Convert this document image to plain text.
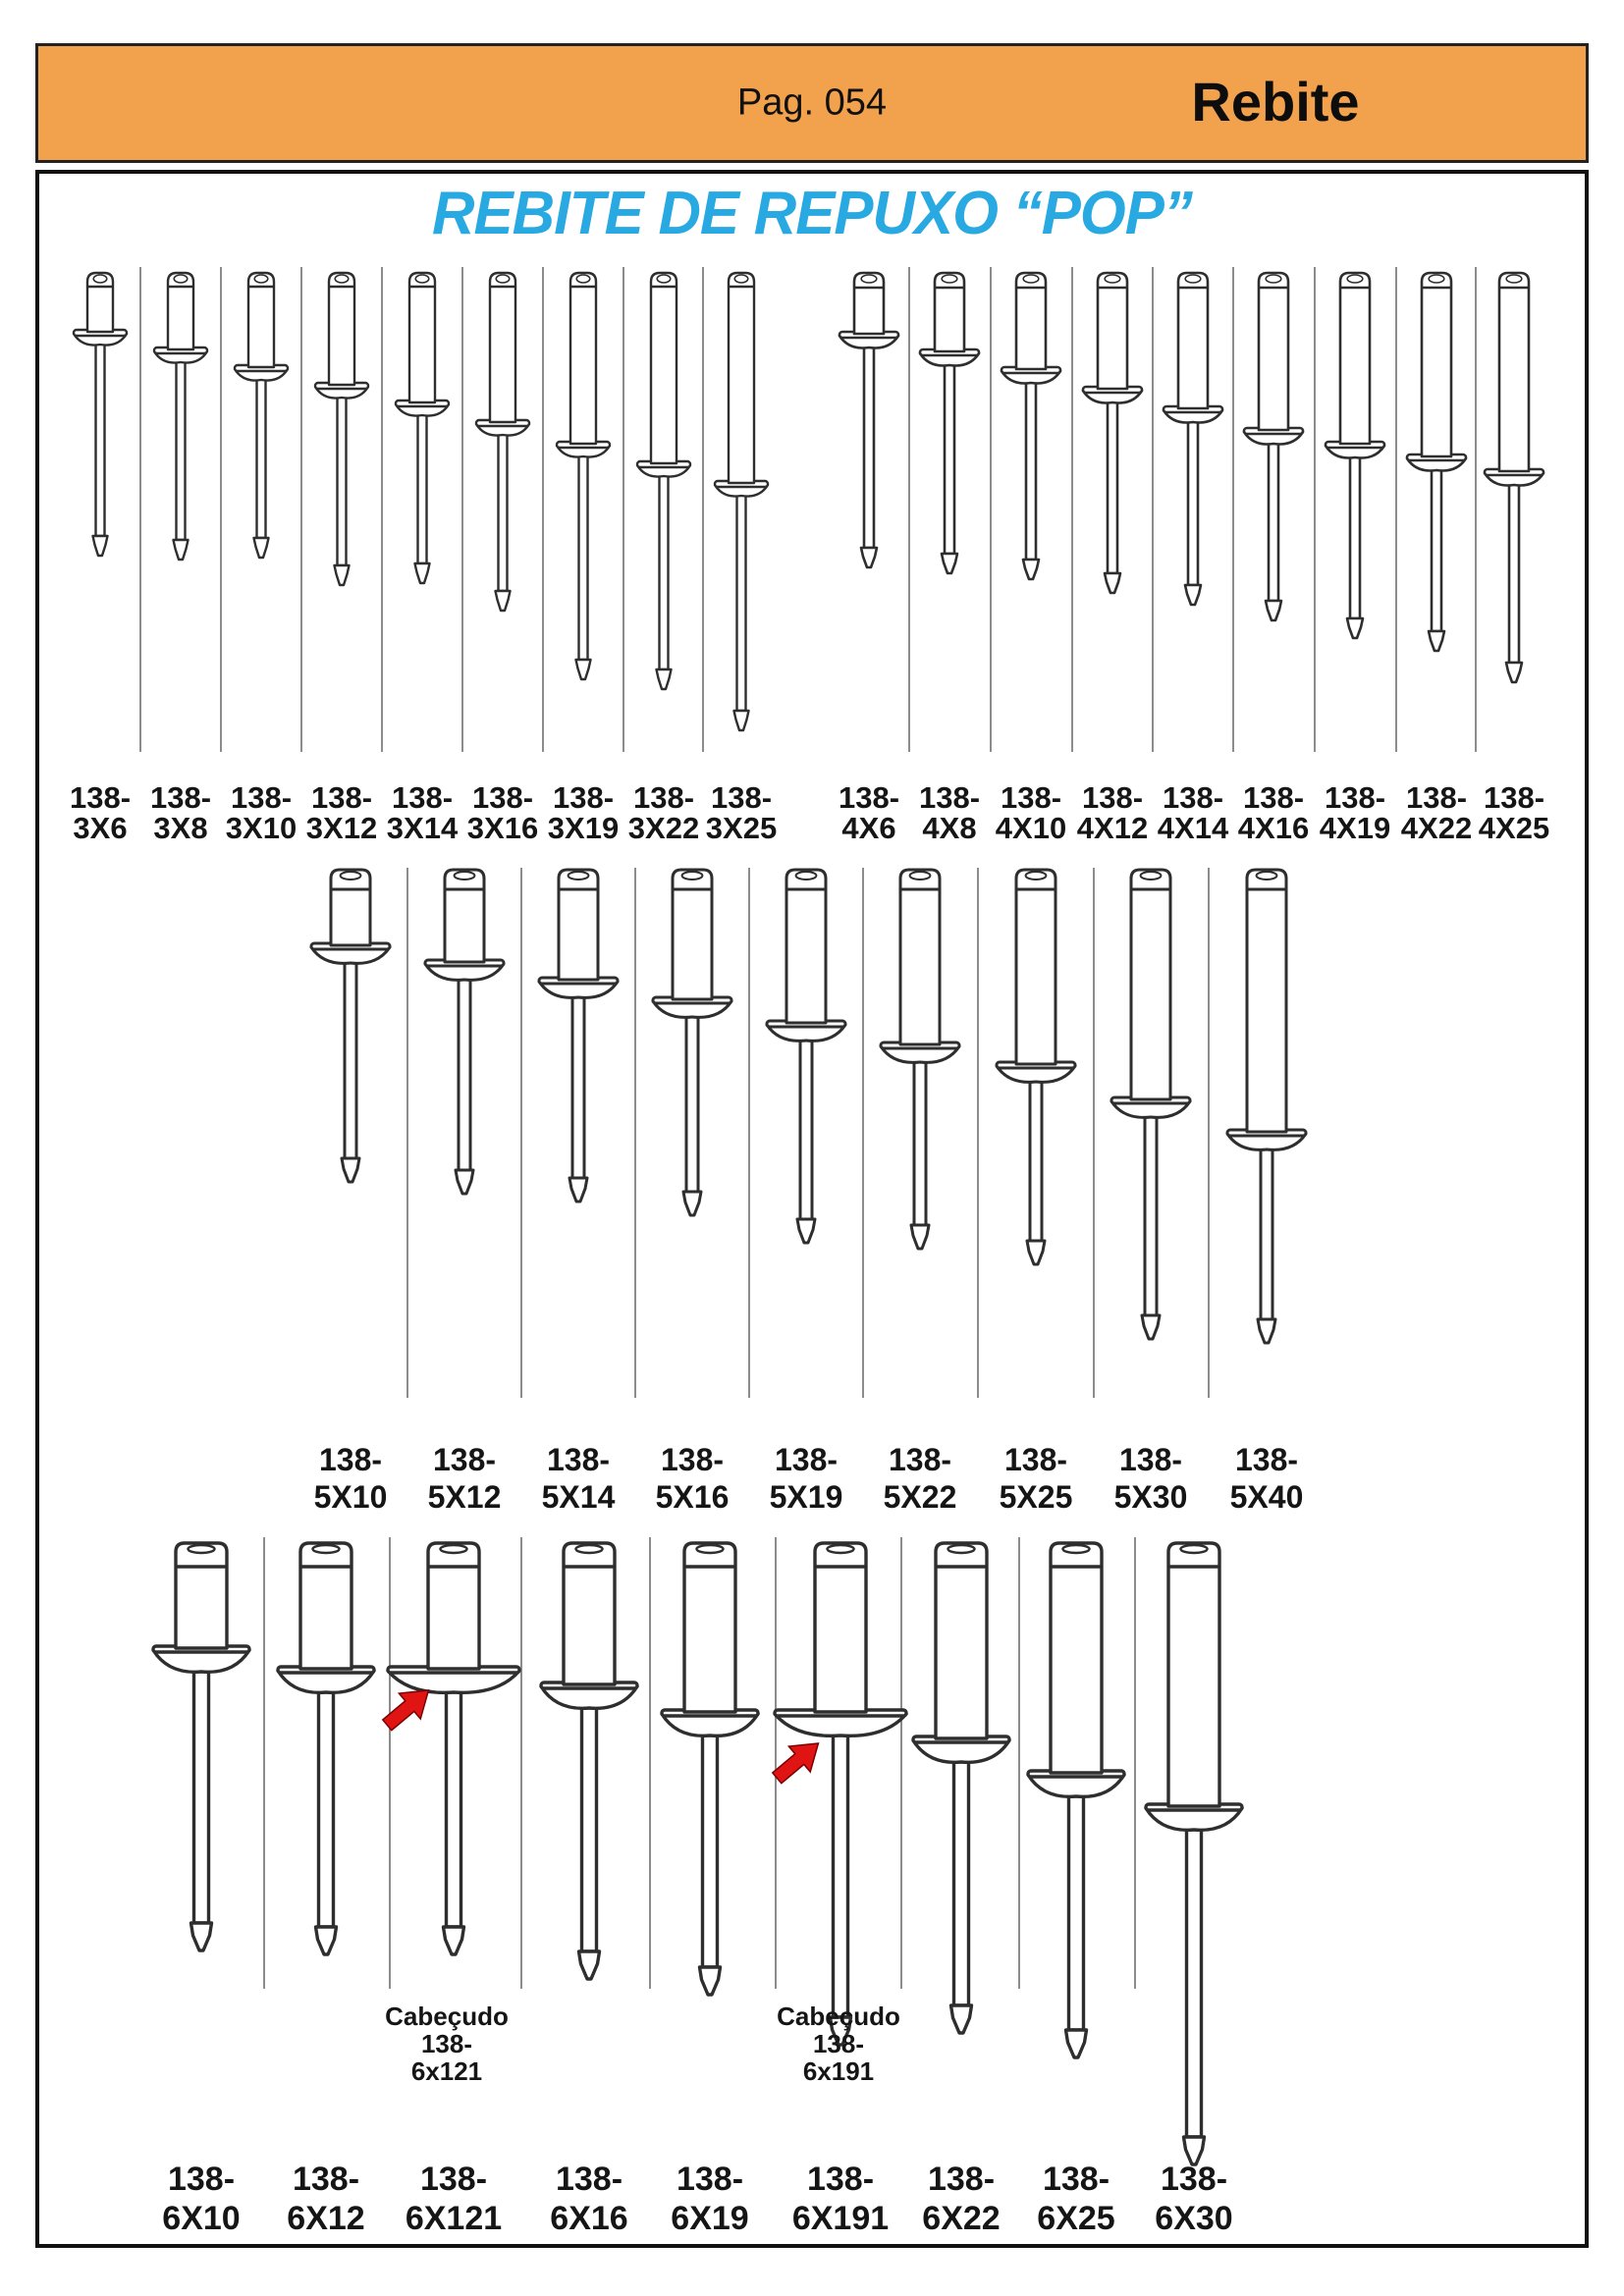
Pag. 054	Rebite
REBITE DE REPUXO “POP”
138-
3X6
138-
3X8
138-
3X10
138-
3X12
138-
3X14
138-
3X16
138-
3X19
138-
3X22
138-
3X25
138-
4X6
138-
4X8
138-
4X10
138-
4X12
138-
4X14
138-
4X16
138-
4X19
138-
4X22
138-
4X25
138-
5X10
138-
5X12
138-
5X14
138-
5X16
138-
5X19
138-
5X22
138-
5X25
138-
5X30
138-
5X40
138-
6X10
138-
6X12
138-
6X121
138-
6X16
138-
6X19
138-
6X191
138-
6X22
138-
6X25
138-
6X30
Cabeçudo
138-
6x121
Cabeçudo
138-
6x191
